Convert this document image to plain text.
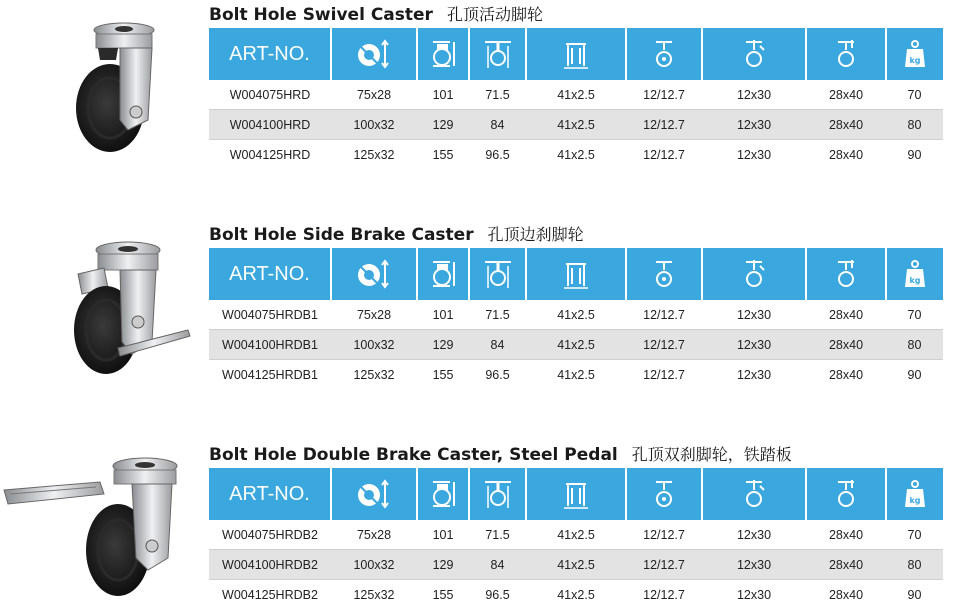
Bolt Hole Swivel Caster 孔顶活动脚轮
ART-NO.								kg

W004075HRD	75x28	101	71.5	41x2.5	12/12.7	12x30	28x40	70
W004100HRD	100x32	129	84	41x2.5	12/12.7	12x30	28x40	80
W004125HRD	125x32	155	96.5	41x2.5	12/12.7	12x30	28x40	90
Bolt Hole Side Brake Caster 孔顶边刹脚轮
ART-NO.								kg

W004075HRDB1	75x28	101	71.5	41x2.5	12/12.7	12x30	28x40	70
W004100HRDB1	100x32	129	84	41x2.5	12/12.7	12x30	28x40	80
W004125HRDB1	125x32	155	96.5	41x2.5	12/12.7	12x30	28x40	90
Bolt Hole Double Brake Caster, Steel Pedal 孔顶双刹脚轮，铁踏板
ART-NO.								kg

W004075HRDB2	75x28	101	71.5	41x2.5	12/12.7	12x30	28x40	70
W004100HRDB2	100x32	129	84	41x2.5	12/12.7	12x30	28x40	80
W004125HRDB2	125x32	155	96.5	41x2.5	12/12.7	12x30	28x40	90
